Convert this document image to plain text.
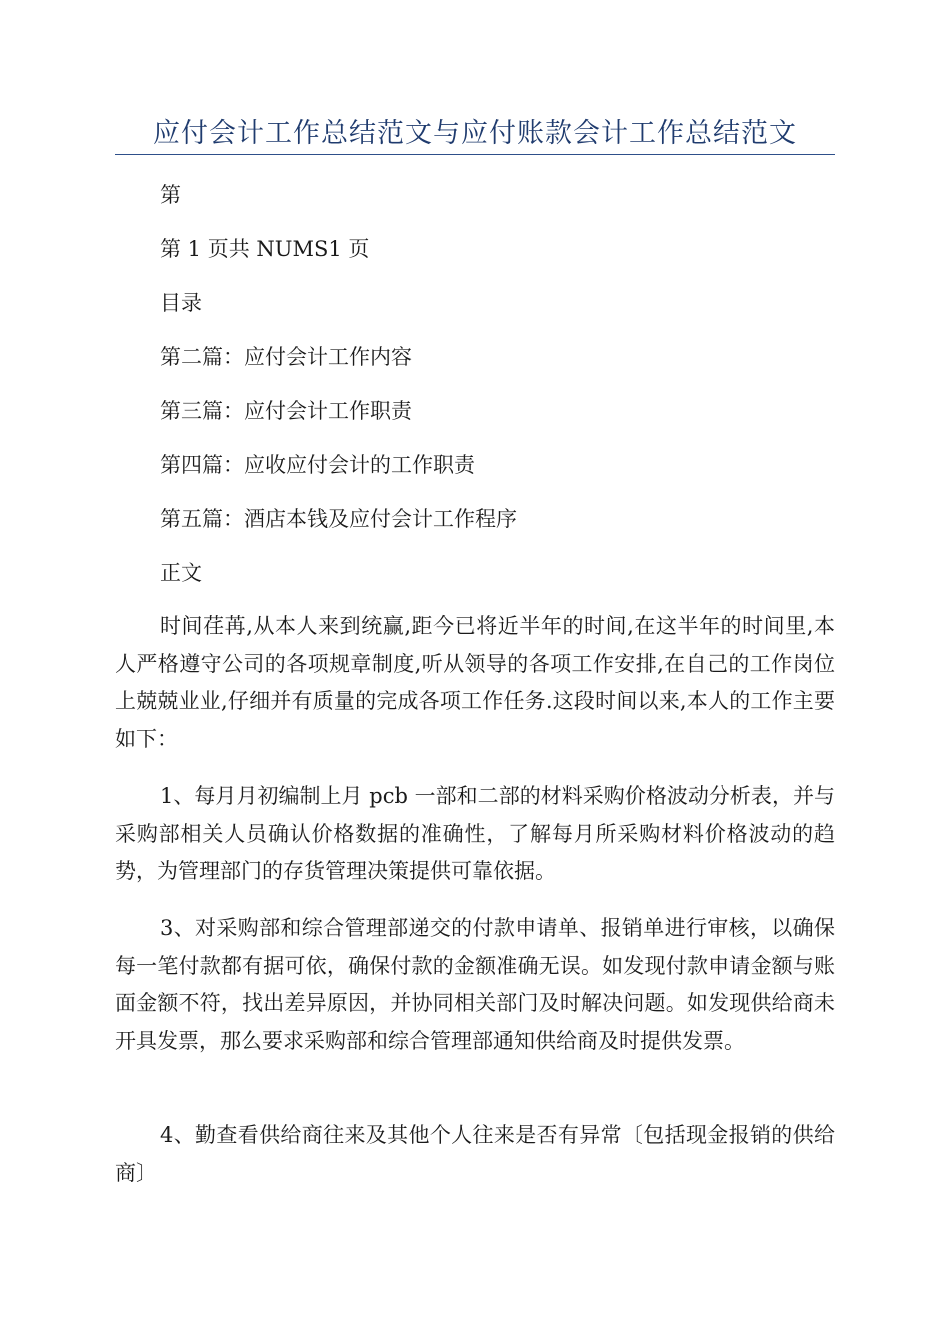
应付会计工作总结范文与应付账款会计工作总结范文
第
第 1 页共 NUMS1 页
目录
第二篇：应付会计工作内容
第三篇：应付会计工作职责
第四篇：应收应付会计的工作职责
第五篇：酒店本钱及应付会计工作程序
正文

时间荏苒,从本人来到统赢,距今已将近半年的时间,在这半年的时间里,本人严格遵守公司的各项规章制度,听从领导的各项工作安排,在自己的工作岗位上兢兢业业,仔细并有质量的完成各项工作任务.这段时间以来,本人的工作主要如下：

1、每月月初编制上月 pcb 一部和二部的材料采购价格波动分析表，并与采购部相关人员确认价格数据的准确性，了解每月所采购材料价格波动的趋势，为管理部门的存货管理决策提供可靠依据。

3、对采购部和综合管理部递交的付款申请单、报销单进行审核，以确保每一笔付款都有据可依，确保付款的金额准确无误。如发现付款申请金额与账面金额不符，找出差异原因，并协同相关部门及时解决问题。如发现供给商未开具发票，那么要求采购部和综合管理部通知供给商及时提供发票。

4、勤查看供给商往来及其他个人往来是否有异常〔包括现金报销的供给商〕
